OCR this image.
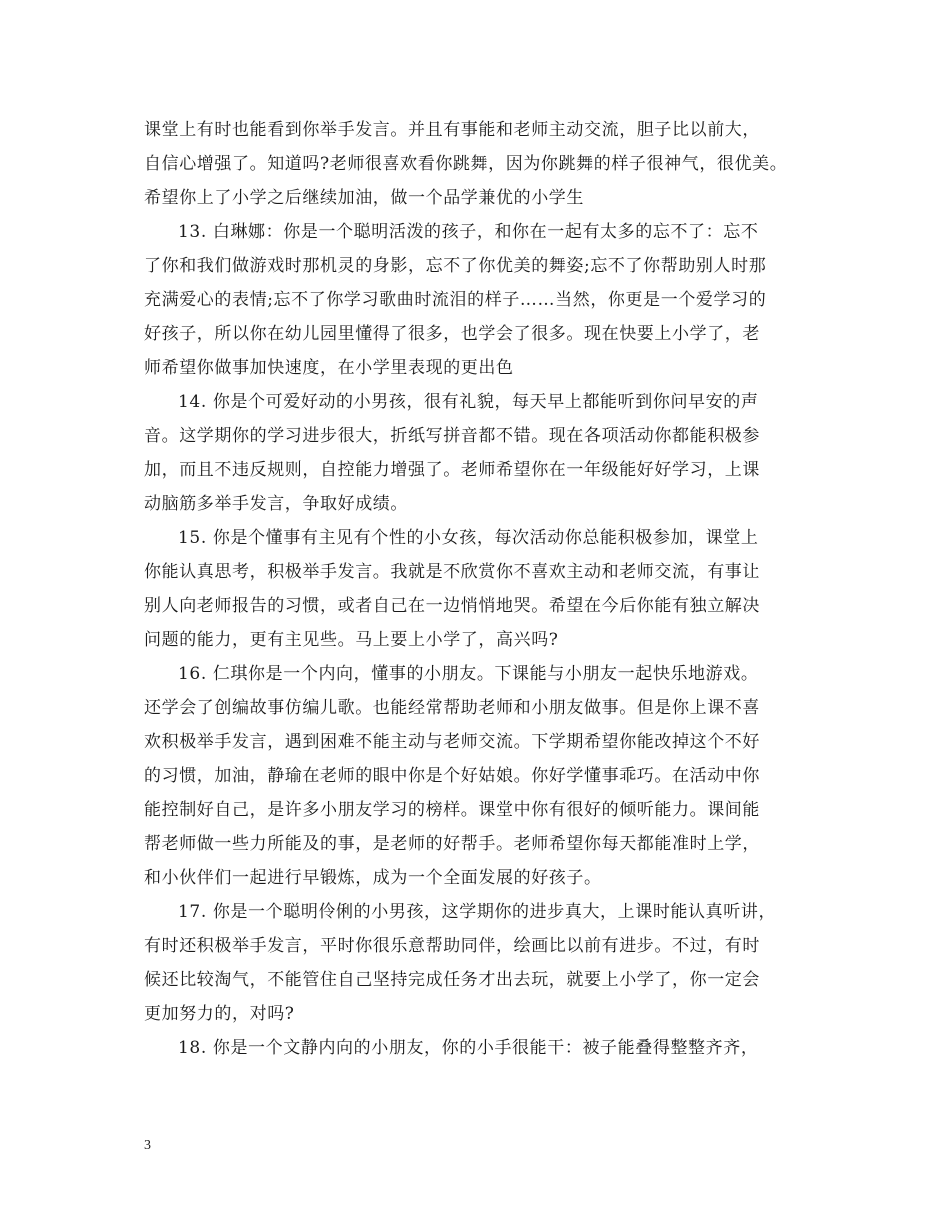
课堂上有时也能看到你举手发言。并且有事能和老师主动交流，胆子比以前大，
自信心增强了。知道吗?老师很喜欢看你跳舞，因为你跳舞的样子很神气，很优美。
希望你上了小学之后继续加油，做一个品学兼优的小学生
13. 白琳娜：你是一个聪明活泼的孩子，和你在一起有太多的忘不了：忘不
了你和我们做游戏时那机灵的身影，忘不了你优美的舞姿;忘不了你帮助别人时那
充满爱心的表情;忘不了你学习歌曲时流泪的样子……当然，你更是一个爱学习的
好孩子，所以你在幼儿园里懂得了很多，也学会了很多。现在快要上小学了，老
师希望你做事加快速度，在小学里表现的更出色
14. 你是个可爱好动的小男孩，很有礼貌，每天早上都能听到你问早安的声
音。这学期你的学习进步很大，折纸写拼音都不错。现在各项活动你都能积极参
加，而且不违反规则，自控能力增强了。老师希望你在一年级能好好学习，上课
动脑筋多举手发言，争取好成绩。
15. 你是个懂事有主见有个性的小女孩，每次活动你总能积极参加，课堂上
你能认真思考，积极举手发言。我就是不欣赏你不喜欢主动和老师交流，有事让
别人向老师报告的习惯，或者自己在一边悄悄地哭。希望在今后你能有独立解决
问题的能力，更有主见些。马上要上小学了，高兴吗?
16. 仁琪你是一个内向，懂事的小朋友。下课能与小朋友一起快乐地游戏。
还学会了创编故事仿编儿歌。也能经常帮助老师和小朋友做事。但是你上课不喜
欢积极举手发言，遇到困难不能主动与老师交流。下学期希望你能改掉这个不好
的习惯，加油，静瑜在老师的眼中你是个好姑娘。你好学懂事乖巧。在活动中你
能控制好自己，是许多小朋友学习的榜样。课堂中你有很好的倾听能力。课间能
帮老师做一些力所能及的事，是老师的好帮手。老师希望你每天都能准时上学，
和小伙伴们一起进行早锻炼，成为一个全面发展的好孩子。
17. 你是一个聪明伶俐的小男孩，这学期你的进步真大，上课时能认真听讲，
有时还积极举手发言，平时你很乐意帮助同伴，绘画比以前有进步。不过，有时
候还比较淘气，不能管住自己坚持完成任务才出去玩，就要上小学了，你一定会
更加努力的，对吗?
18. 你是一个文静内向的小朋友，你的小手很能干：被子能叠得整整齐齐，
3
